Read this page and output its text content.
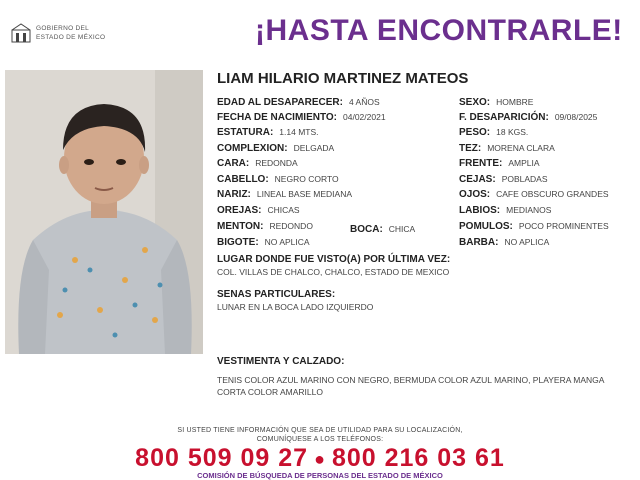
GOBIERNO DEL
ESTADO DE MÉXICO	¡HASTA ENCONTRARLE!
LIAM HILARIO MARTINEZ MATEOS
EDAD AL DESAPARECER: 4 AÑOS
FECHA DE NACIMIENTO: 04/02/2021
ESTATURA: 1.14 MTS.
COMPLEXION: DELGADA
CARA: REDONDA
CABELLO: NEGRO CORTO
NARIZ: LINEAL BASE MEDIANA
OREJAS: CHICAS
MENTON: REDONDO
BIGOTE: NO APLICA
BOCA: CHICA
SEXO: HOMBRE
F. DESAPARICIÓN: 09/08/2025
PESO: 18 KGS.
TEZ: MORENA CLARA
FRENTE: AMPLIA
CEJAS: POBLADAS
OJOS: CAFE OBSCURO GRANDES
LABIOS: MEDIANOS
POMULOS: POCO PROMINENTES
BARBA: NO APLICA
LUGAR DONDE FUE VISTO(A) POR ÚLTIMA VEZ:
COL. VILLAS DE CHALCO, CHALCO, ESTADO DE MEXICO
SENAS PARTICULARES:
LUNAR EN LA BOCA LADO IZQUIERDO
VESTIMENTA Y CALZADO:
TENIS COLOR AZUL MARINO CON NEGRO, BERMUDA COLOR AZUL MARINO, PLAYERA MANGA CORTA COLOR AMARILLO
SI USTED TIENE INFORMACIÓN QUE SEA DE UTILIDAD PARA SU LOCALIZACIÓN,
COMUNÍQUESE A LOS TELÉFONOS:
800 509 09 27 ● 800 216 03 61
COMISIÓN DE BÚSQUEDA DE PERSONAS DEL ESTADO DE MÉXICO
